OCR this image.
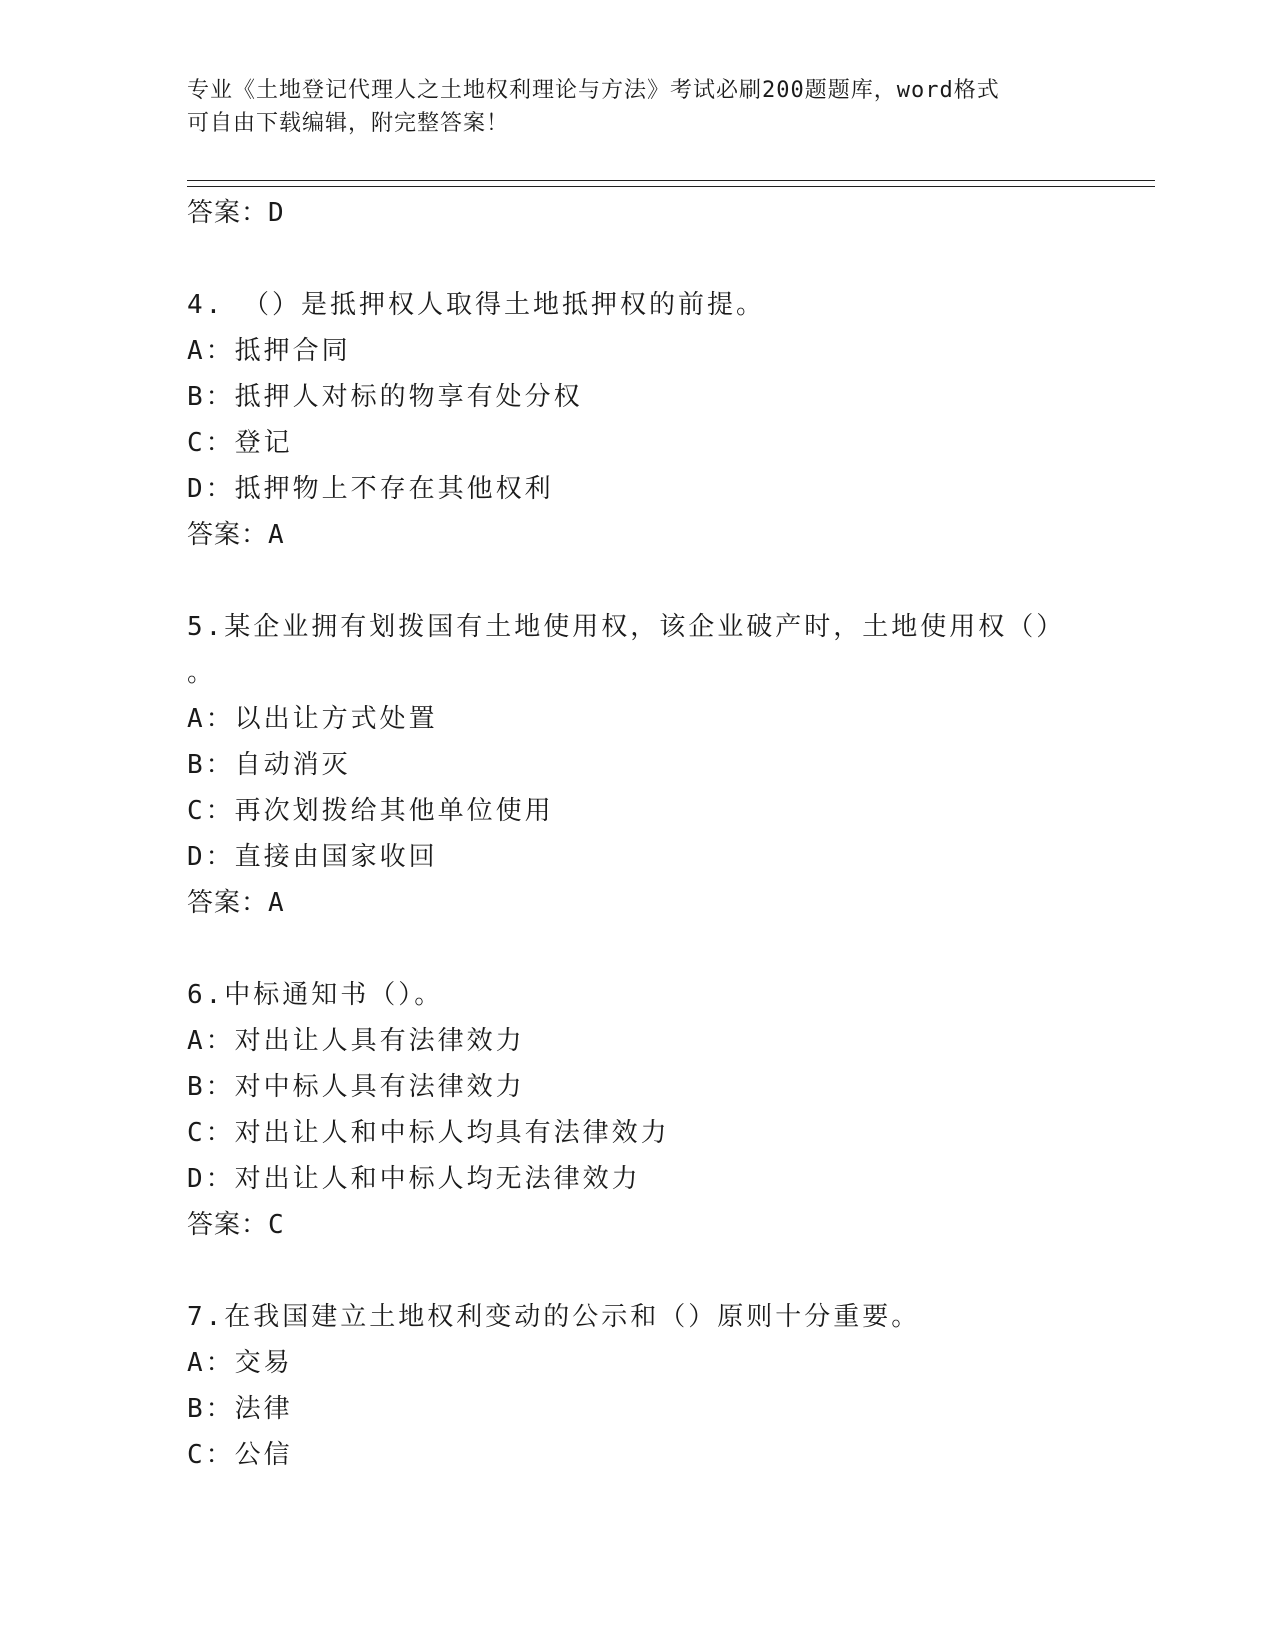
专业《土地登记代理人之土地权利理论与方法》考试必刷200题题库，word格式
可自由下载编辑，附完整答案！
答案：D
4. （）是抵押权人取得土地抵押权的前提。
A：抵押合同
B：抵押人对标的物享有处分权
C：登记
D：抵押物上不存在其他权利
答案：A
5.某企业拥有划拨国有土地使用权，该企业破产时，土地使用权（）
。
A：以出让方式处置
B：自动消灭
C：再次划拨给其他单位使用
D：直接由国家收回
答案：A
6.中标通知书（）。
A：对出让人具有法律效力
B：对中标人具有法律效力
C：对出让人和中标人均具有法律效力
D：对出让人和中标人均无法律效力
答案：C
7.在我国建立土地权利变动的公示和（）原则十分重要。
A：交易
B：法律
C：公信
